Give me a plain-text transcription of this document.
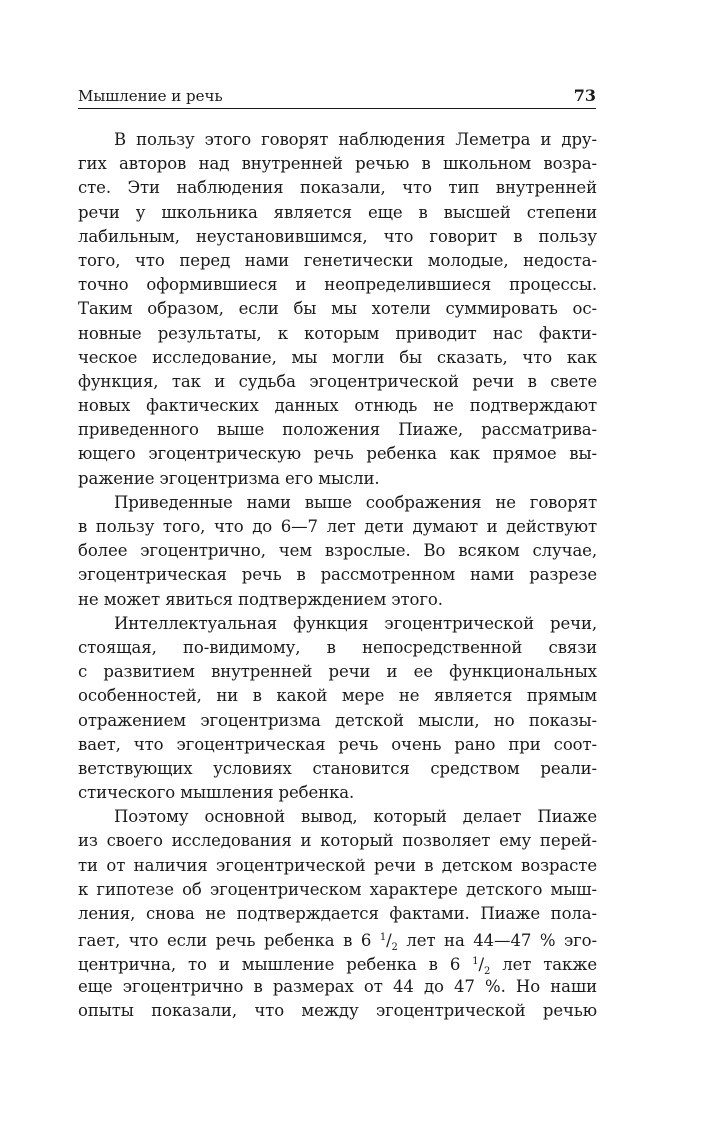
Мышление и речь	73
В пользу этого говорят наблюдения Леметра и дру-
гих авторов над внутренней речью в школьном возра-
сте. Эти наблюдения показали, что тип внутренней
речи у школьника является еще в высшей степени
лабильным, неустановившимся, что говорит в пользу
того, что перед нами генетически молодые, недоста-
точно оформившиеся и неопределившиеся процессы.
Таким образом, если бы мы хотели суммировать ос-
новные результаты, к которым приводит нас факти-
ческое исследование, мы могли бы сказать, что как
функция, так и судьба эгоцентрической речи в свете
новых фактических данных отнюдь не подтверждают
приведенного выше положения Пиаже, рассматрива-
ющего эгоцентрическую речь ребенка как прямое вы-
ражение эгоцентризма его мысли.
Приведенные нами выше соображения не говорят
в пользу того, что до 6—7 лет дети думают и действуют
более эгоцентрично, чем взрослые. Во всяком случае,
эгоцентрическая речь в рассмотренном нами разрезе
не может явиться подтверждением этого.
Интеллектуальная функция эгоцентрической речи,
стоящая, по-видимому, в непосредственной связи
с развитием внутренней речи и ее функциональных
особенностей, ни в какой мере не является прямым
отражением эгоцентризма детской мысли, но показы-
вает, что эгоцентрическая речь очень рано при соот-
ветствующих условиях становится средством реали-
стического мышления ребенка.
Поэтому основной вывод, который делает Пиаже
из своего исследования и который позволяет ему перей-
ти от наличия эгоцентрической речи в детском возрасте
к гипотезе об эгоцентрическом характере детского мыш-
ления, снова не подтверждается фактами. Пиаже пола-
гает, что если речь ребенка в 6 $^1/_2$ лет на 44—47 % эго-
центрична, то и мышление ребенка в 6 $^1/_2$ лет также
еще эгоцентрично в размерах от 44 до 47 %. Но наши
опыты показали, что между эгоцентрической речью
